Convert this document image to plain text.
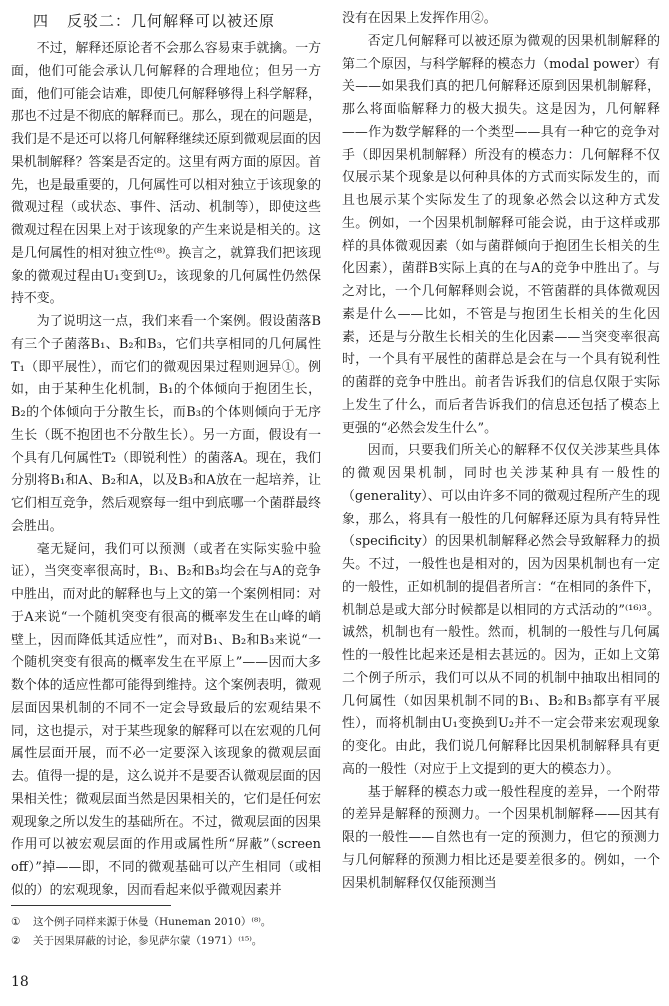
四 反驳二：几何解释可以被还原

不过，解释还原论者不会那么容易束手就擒。一方面，他们可能会承认几何解释的合理地位；但另一方面，他们可能会诘难，即使几何解释够得上科学解释，那也不过是不彻底的解释而已。那么，现在的问题是，我们是不是还可以将几何解释继续还原到微观层面的因果机制解释？答案是否定的。这里有两方面的原因。首先，也是最重要的，几何属性可以相对独立于该现象的微观过程（或状态、事件、活动、机制等），即使这些微观过程在因果上对于该现象的产生来说是相关的。这是几何属性的相对独立性⁽⁸⁾。换言之，就算我们把该现象的微观过程由U₁变到U₂，该现象的几何属性仍然保持不变。

为了说明这一点，我们来看一个案例。假设菌落B有三个子菌落B₁、B₂和B₃，它们共享相同的几何属性T₁（即平展性），而它们的微观因果过程则迥异①。例如，由于某种生化机制，B₁的个体倾向于抱团生长，B₂的个体倾向于分散生长，而B₃的个体则倾向于无序生长（既不抱团也不分散生长）。另一方面，假设有一个具有几何属性T₂（即锐利性）的菌落A。现在，我们分别将B₁和A、B₂和A，以及B₃和A放在一起培养，让它们相互竞争，然后观察每一组中到底哪一个菌群最终会胜出。

毫无疑问，我们可以预测（或者在实际实验中验证），当突变率很高时，B₁、B₂和B₃均会在与A的竞争中胜出，而对此的解释也与上文的第一个案例相同：对于A来说“一个随机突变有很高的概率发生在山峰的峭壁上，因而降低其适应性”，而对B₁、B₂和B₃来说“一个随机突变有很高的概率发生在平原上”——因而大多数个体的适应性都可能得到维持。这个案例表明，微观层面因果机制的不同不一定会导致最后的宏观结果不同，这也提示，对于某些现象的解释可以在宏观的几何属性层面开展，而不必一定要深入该现象的微观层面去。值得一提的是，这么说并不是要否认微观层面的因果相关性；微观层面当然是因果相关的，它们是任何宏观现象之所以发生的基础所在。不过，微观层面的因果作用可以被宏观层面的作用或属性所“屏蔽”（screen off）”掉——即，不同的微观基础可以产生相同（或相似的）的宏观现象，因而看起来似乎微观因素并

没有在因果上发挥作用②。

否定几何解释可以被还原为微观的因果机制解释的第二个原因，与科学解释的模态力（modal power）有关——如果我们真的把几何解释还原到因果机制解释，那么将面临解释力的极大损失。这是因为，几何解释——作为数学解释的一个类型——具有一种它的竞争对手（即因果机制解释）所没有的模态力：几何解释不仅仅展示某个现象是以何种具体的方式而实际发生的，而且也展示某个实际发生了的现象必然会以这种方式发生。例如，一个因果机制解释可能会说，由于这样或那样的具体微观因素（如与菌群倾向于抱团生长相关的生化因素），菌群B实际上真的在与A的竞争中胜出了。与之对比，一个几何解释则会说，不管菌群的具体微观因素是什么——比如，不管是与抱团生长相关的生化因素，还是与分散生长相关的生化因素——当突变率很高时，一个具有平展性的菌群总是会在与一个具有锐利性的菌群的竞争中胜出。前者告诉我们的信息仅限于实际上发生了什么，而后者告诉我们的信息还包括了模态上更强的“必然会发生什么”。

因而，只要我们所关心的解释不仅仅关涉某些具体的微观因果机制，同时也关涉某种具有一般性的（generality）、可以由许多不同的微观过程所产生的现象，那么，将具有一般性的几何解释还原为具有特异性（specificity）的因果机制解释必然会导致解释力的损失。不过，一般性也是相对的，因为因果机制也有一定的一般性，正如机制的提倡者所言：“在相同的条件下，机制总是或大部分时候都是以相同的方式活动的”⁽¹⁶⁾³。诚然，机制也有一般性。然而，机制的一般性与几何属性的一般性比起来还是相去甚远的。因为，正如上文第二个例子所示，我们可以从不同的机制中抽取出相同的几何属性（如因果机制不同的B₁、B₂和B₃都享有平展性），而将机制由U₁变换到U₂并不一定会带来宏观现象的变化。由此，我们说几何解释比因果机制解释具有更高的一般性（对应于上文提到的更大的模态力）。

基于解释的模态力或一般性程度的差异，一个附带的差异是解释的预测力。一个因果机制解释——因其有限的一般性——自然也有一定的预测力，但它的预测力与几何解释的预测力相比还是要差很多的。例如，一个因果机制解释仅仅能预测当

① 这个例子同样来源于休曼（Huneman 2010）⁽⁸⁾。
② 关于因果屏蔽的讨论，参见萨尔蒙（1971）⁽¹⁵⁾。
18
